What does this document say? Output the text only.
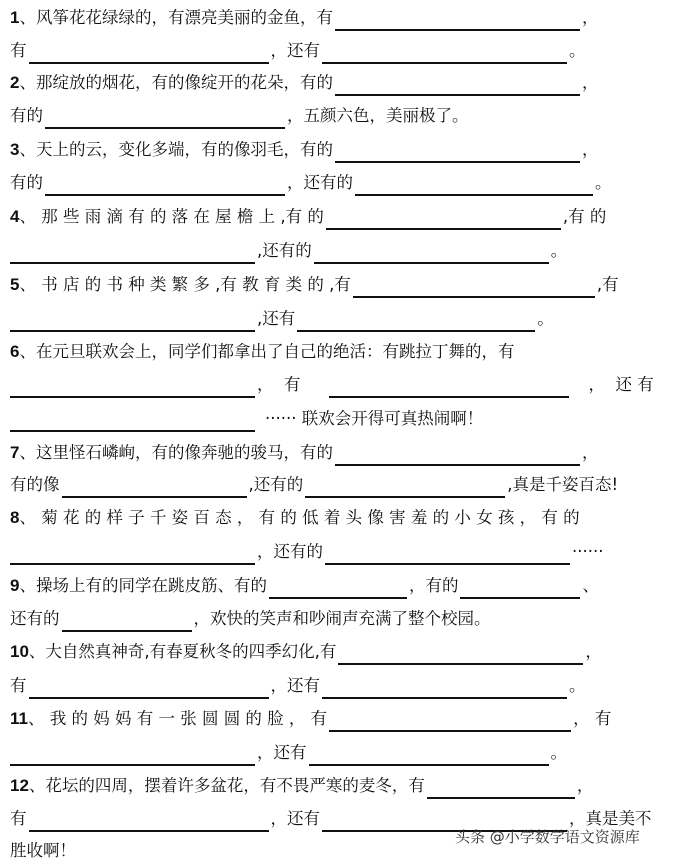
1 、风筝花花绿绿的，有漂亮美丽的金鱼，有	，
有	，还有	。
2 、那绽放的烟花，有的像绽开的花朵，有的	，
有的	，五颜六色，美丽极了。
3 、天上的云，变化多端，有的像羽毛，有的	，
有的	，还有的	。
4 、 那 些 雨 滴 有 的 落 在 屋 檐 上 ,有 的	,有 的
,还有的	。
5 、 书 店 的 书 种 类 繁 多 ,有 教 育 类 的 ,有	,有
,还有	。
6 、在元旦联欢会上，同学们都拿出了自己的绝活：有跳拉丁舞的，有
，  有	，  还 有
······ 联欢会开得可真热闹啊！
7 、这里怪石嶙峋，有的像奔驰的骏马，有的	，
有的像	,还有的	,真是千姿百态!
8 、 菊 花 的 样 子 千 姿 百 态 ， 有 的 低 着 头 像 害 羞 的 小 女 孩 ， 有 的
，还有的	······
9 、操场上有的同学在跳皮筋、有的	，有的	、
还有的	，欢快的笑声和吵闹声充满了整个校园。
10 、大自然真神奇,有春夏秋冬的四季幻化,有	，
有	，还有	。
11 、 我 的 妈 妈 有 一 张 圆 圆 的 脸 ， 有	， 有
，还有	。
12 、花坛的四周，摆着许多盆花，有不畏严寒的麦冬，有	，
有	，还有	，真是美不
胜收啊！
头条 @小学数学语文资源库
